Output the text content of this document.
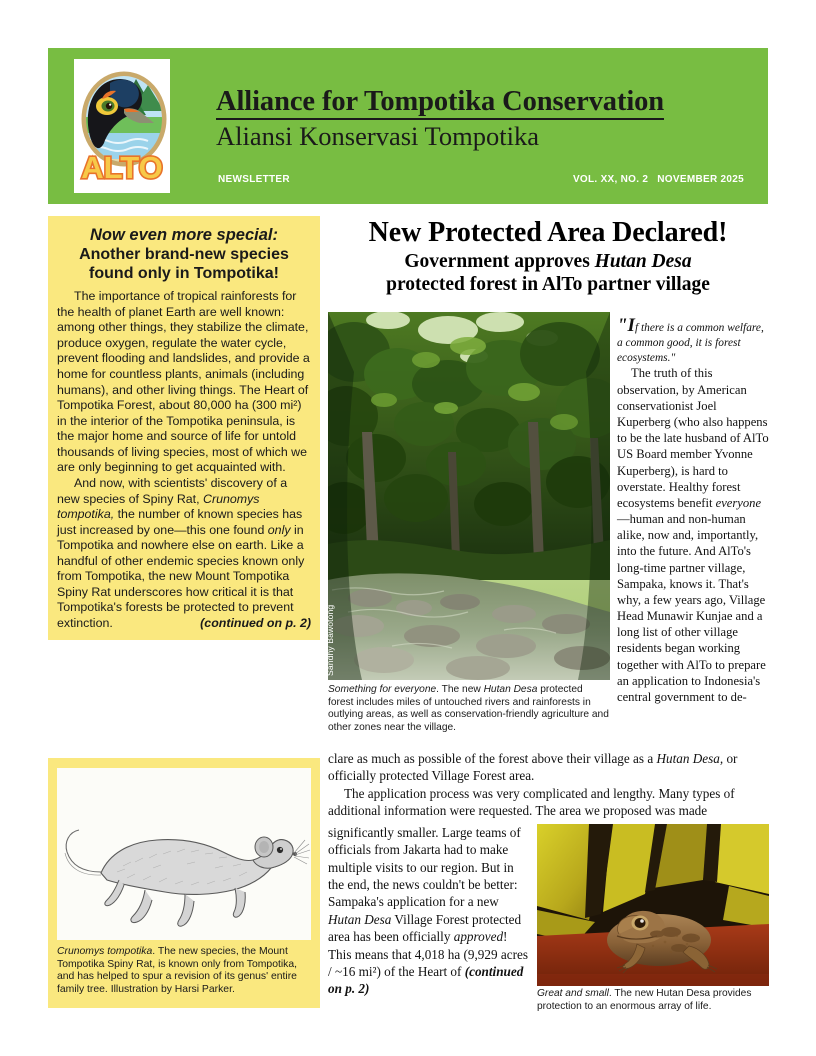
ALTO
Alliance for Tompotika Conservation
Aliansi Konservasi Tompotika
NEWSLETTER	VOL. XX, NO. 2 NOVEMBER 2025
Now even more special:
Another brand-new species found only in Tompotika!

The importance of tropical rainforests for the health of planet Earth are well known: among other things, they stabilize the climate, produce oxygen, regulate the water cycle, prevent flooding and landslides, and provide a home for countless plants, animals (including humans), and other living things. The Heart of Tompotika Forest, about 80,000 ha (300 mi²) in the interior of the Tompotika peninsula, is the major home and source of life for untold thousands of living species, most of which we are only beginning to get acquainted with.

And now, with scientists' discovery of a new species of Spiny Rat, Crunomys tompotika, the number of known species has just increased by one—this one found only in Tompotika and nowhere else on earth. Like a handful of other endemic species known only from Tompotika, the new Mount Tompotika Spiny Rat underscores how critical it is that Tompotika's forests be protected to prevent extinction.	(continued on p. 2)

Crunomys tompotika. The new species, the Mount Tompotika Spiny Rat, is known only from Tompotika, and has helped to spur a revision of its genus' entire family tree. Illustration by Harsi Parker.
New Protected Area Declared!
Government approves Hutan Desa
protected forest in AlTo partner village
Sandhy Bawotong
Something for everyone. The new Hutan Desa protected forest includes miles of untouched rivers and rainforests in outlying areas, as well as conservation-friendly agriculture and other zones near the village.
"If there is a common welfare, a common good, it is forest ecosystems."

The truth of this observation, by American conservationist Joel Kuperberg (who also happens to be the late husband of AlTo US Board member Yvonne Kuperberg), is hard to overstate. Healthy forest ecosystems benefit everyone—human and non-human alike, now and, importantly, into the future. And AlTo's long-time partner village, Sampaka, knows it. That's why, a few years ago, Village Head Munawir Kunjae and a long list of other village residents began working together with AlTo to prepare an application to Indonesia's central government to de-

clare as much as possible of the forest above their village as a Hutan Desa, or officially protected Village Forest area.

The application process was very complicated and lengthy. Many types of additional information were requested. The area we proposed was made

significantly smaller. Large teams of officials from Jakarta had to make multiple visits to our region. But in the end, the news couldn't be better: Sampaka's application for a new Hutan Desa Village Forest protected area has been officially approved! This means that 4,018 ha (9,929 acres / ~16 mi²) of the Heart of (continued on p. 2)	Sandesh Kadur
Great and small. The new Hutan Desa provides protection to an enormous array of life.
